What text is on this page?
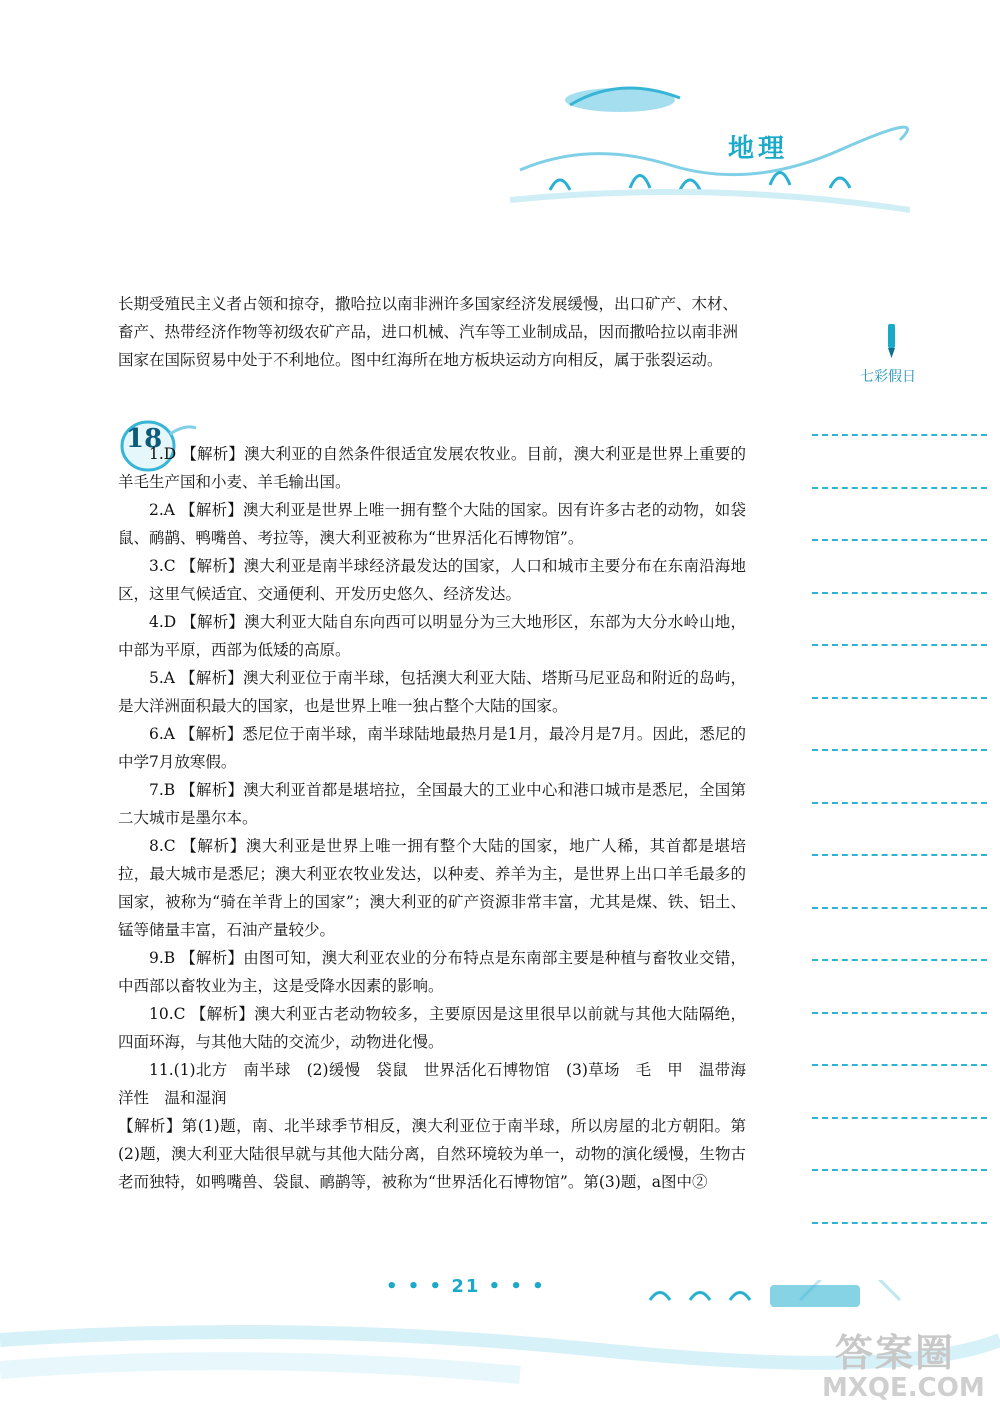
地理
七彩假日

长期受殖民主义者占领和掠夺，撒哈拉以南非洲许多国家经济发展缓慢，出口矿产、木材、

畜产、热带经济作物等初级农矿产品，进口机械、汽车等工业制成品，因而撒哈拉以南非洲

国家在国际贸易中处于不利地位。图中红海所在地方板块运动方向相反，属于张裂运动。

18

1.D 【解析】澳大利亚的自然条件很适宜发展农牧业。目前，澳大利亚是世界上重要的羊毛生产国和小麦、羊毛输出国。

2.A 【解析】澳大利亚是世界上唯一拥有整个大陆的国家。因有许多古老的动物，如袋鼠、鸸鹋、鸭嘴兽、考拉等，澳大利亚被称为“世界活化石博物馆”。

3.C 【解析】澳大利亚是南半球经济最发达的国家，人口和城市主要分布在东南沿海地区，这里气候适宜、交通便利、开发历史悠久、经济发达。

4.D 【解析】澳大利亚大陆自东向西可以明显分为三大地形区，东部为大分水岭山地，中部为平原，西部为低矮的高原。

5.A 【解析】澳大利亚位于南半球，包括澳大利亚大陆、塔斯马尼亚岛和附近的岛屿，是大洋洲面积最大的国家，也是世界上唯一独占整个大陆的国家。

6.A 【解析】悉尼位于南半球，南半球陆地最热月是1月，最冷月是7月。因此，悉尼的中学7月放寒假。

7.B 【解析】澳大利亚首都是堪培拉，全国最大的工业中心和港口城市是悉尼，全国第二大城市是墨尔本。

8.C 【解析】澳大利亚是世界上唯一拥有整个大陆的国家，地广人稀，其首都是堪培拉，最大城市是悉尼；澳大利亚农牧业发达，以种麦、养羊为主，是世界上出口羊毛最多的国家，被称为“骑在羊背上的国家”；澳大利亚的矿产资源非常丰富，尤其是煤、铁、铝土、锰等储量丰富，石油产量较少。

9.B 【解析】由图可知，澳大利亚农业的分布特点是东南部主要是种植与畜牧业交错，中西部以畜牧业为主，这是受降水因素的影响。

10.C 【解析】澳大利亚古老动物较多，主要原因是这里很早以前就与其他大陆隔绝，四面环海，与其他大陆的交流少，动物进化慢。

11.(1)北方　南半球　(2)缓慢　袋鼠　世界活化石博物馆　(3)草场　毛　甲　温带海洋性　温和湿润

【解析】第(1)题，南、北半球季节相反，澳大利亚位于南半球，所以房屋的北方朝阳。第(2)题，澳大利亚大陆很早就与其他大陆分离，自然环境较为单一，动物的演化缓慢，生物古老而独特，如鸭嘴兽、袋鼠、鸸鹋等，被称为“世界活化石博物馆”。第(3)题，a图中②

• • • 21 • • •
答案圈
MXQE.COM
